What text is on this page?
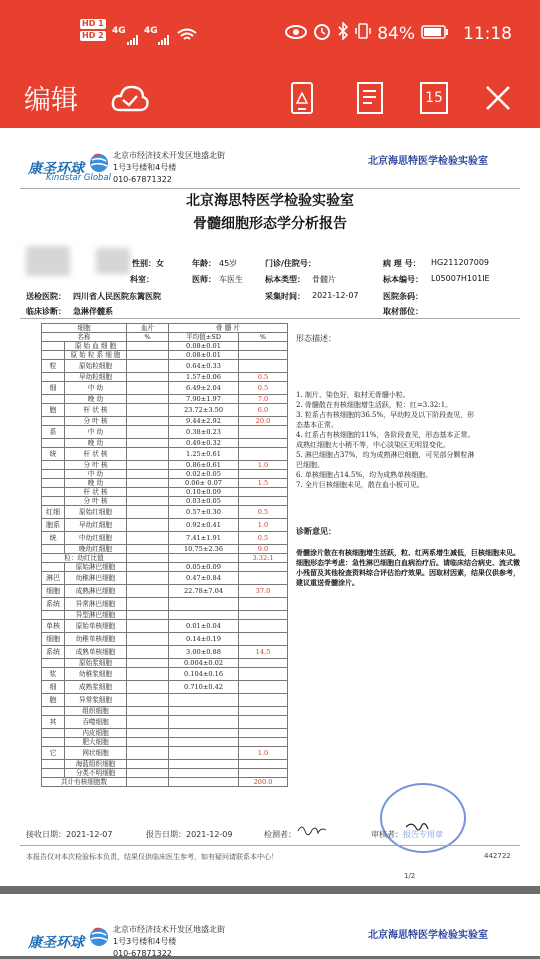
HD 1
HD 2 4G 4G	84%	11:18
编辑	15
康圣环球
Kindstar Global
北京市经济技术开发区地盛北街
1号3号楼和4号楼
010-67871322
北京海思特医学检验实验室
北京海思特医学检验实验室
骨髓细胞形态学分析报告
性别：女	年龄： 45岁	门诊/住院号：	病 理 号： HG211207009
科室：	医师： 车医生	标本类型： 骨髓片	标本编号： L05007H101IE
送检医院： 四川省人民医院东篱医院	采集时间： 2021-12-07	医院条码：
临床诊断： 急淋伴髓系	取材部位：
细胞		血片	骨 髓 片	
名称		%	平均值±SD	%
	原 始 血 细 胞		0.08±0.01	
	原 始 粒 系 细 胞		0.08±0.01	
粒	原始粒细胞		0.64±0.33	
	早幼粒细胞		1.57±0.06	0.5
细	中 幼		6.49±2.04	0.5
	晚 幼		7.90±1.97	7.0
胞	杆 状 核		23.72±3.50	6.0
	分 叶 核		9.44±2.92	20.0
系	中 幼		0.38±0.23	
	晚 幼		0.49±0.32	
统	杆 状 核		1.25±0.61	
	分 叶 核		0.86±0.61	1.0
	中 幼		0.02±0.05	
	晚 幼		0.06± 0.07	1.5
	杆 状 核		0.10±0.09	
	分 叶 核		0.03±0.05	
红细	原始红细胞		0.57±0.30	0.5
胞系	早幼红细胞		0.92±0.41	1.0
统	中幼红细胞		7.41±1.91	0.5
	晚幼红细胞		10.75±2.36	9.0
粒：幼红比值				3.32:1
	原始淋巴细胞		0.05±0.09	
淋巴	幼稚淋巴细胞		0.47±0.84	
细胞	成熟淋巴细胞		22.78±7.04	37.0
系统	异常淋巴细胞			
	异型淋巴细胞			
单核	原始单核细胞		0.01±0.04	
细胞	幼稚单核细胞		0.14±0.19	
系统	成熟单核细胞		3.00±0.88	14.5
	原始浆细胞		0.004±0.02	
浆	幼稚浆细胞		0.104±0.16	
细	成熟浆细胞		0.710±0.42	
胞	异常浆细胞			
	组织细胞			
其	吞噬细胞			
	内皮细胞			
	肥大细胞			
它	网状细胞			1.0
	海蓝组织细胞			
	分类不明细胞			
共计有核细胞数				200.0
形态描述：
1. 制片、染色好，取材无骨髓小粒。
2. 骨髓散在有核细胞增生活跃，粒：红=3.32:1。
3. 粒系占有核细胞的36.5%，早幼粒及以下阶段查见，形
态基本正常。
4. 红系占有核细胞的11%，各阶段查见，形态基本正常。
成熟红细胞大小稍不等，中心淡染区无明显变化。
5. 淋巴细胞占37%，均为成熟淋巴细胞，可见部分颗粒淋
巴细胞。
6. 单核细胞占14.5%，均为成熟单核细胞。
7. 全片巨核细胞未见，散在血小板可见。
诊断意见：
骨髓涂片散在有核细胞增生活跃，粒、红两系增生减低，巨核细胞未见。细胞形态学考虑：急性淋巴细胞白血病治疗后。请临床结合病史、流式微小残留及其他检查资料综合评估治疗效果。因取材因素，结果仅供参考，建议重送骨髓涂片。
接收日期：2021-12-07	报告日期：2021-12-09	检测者：	审核者： 报告专用章
本报告仅对本次检验标本负责，结果仅供临床医生参考，如有疑问请联系本中心！	442722
1/2
康圣环球
北京市经济技术开发区地盛北街
1号3号楼和4号楼
010-67871322
北京海思特医学检验实验室
